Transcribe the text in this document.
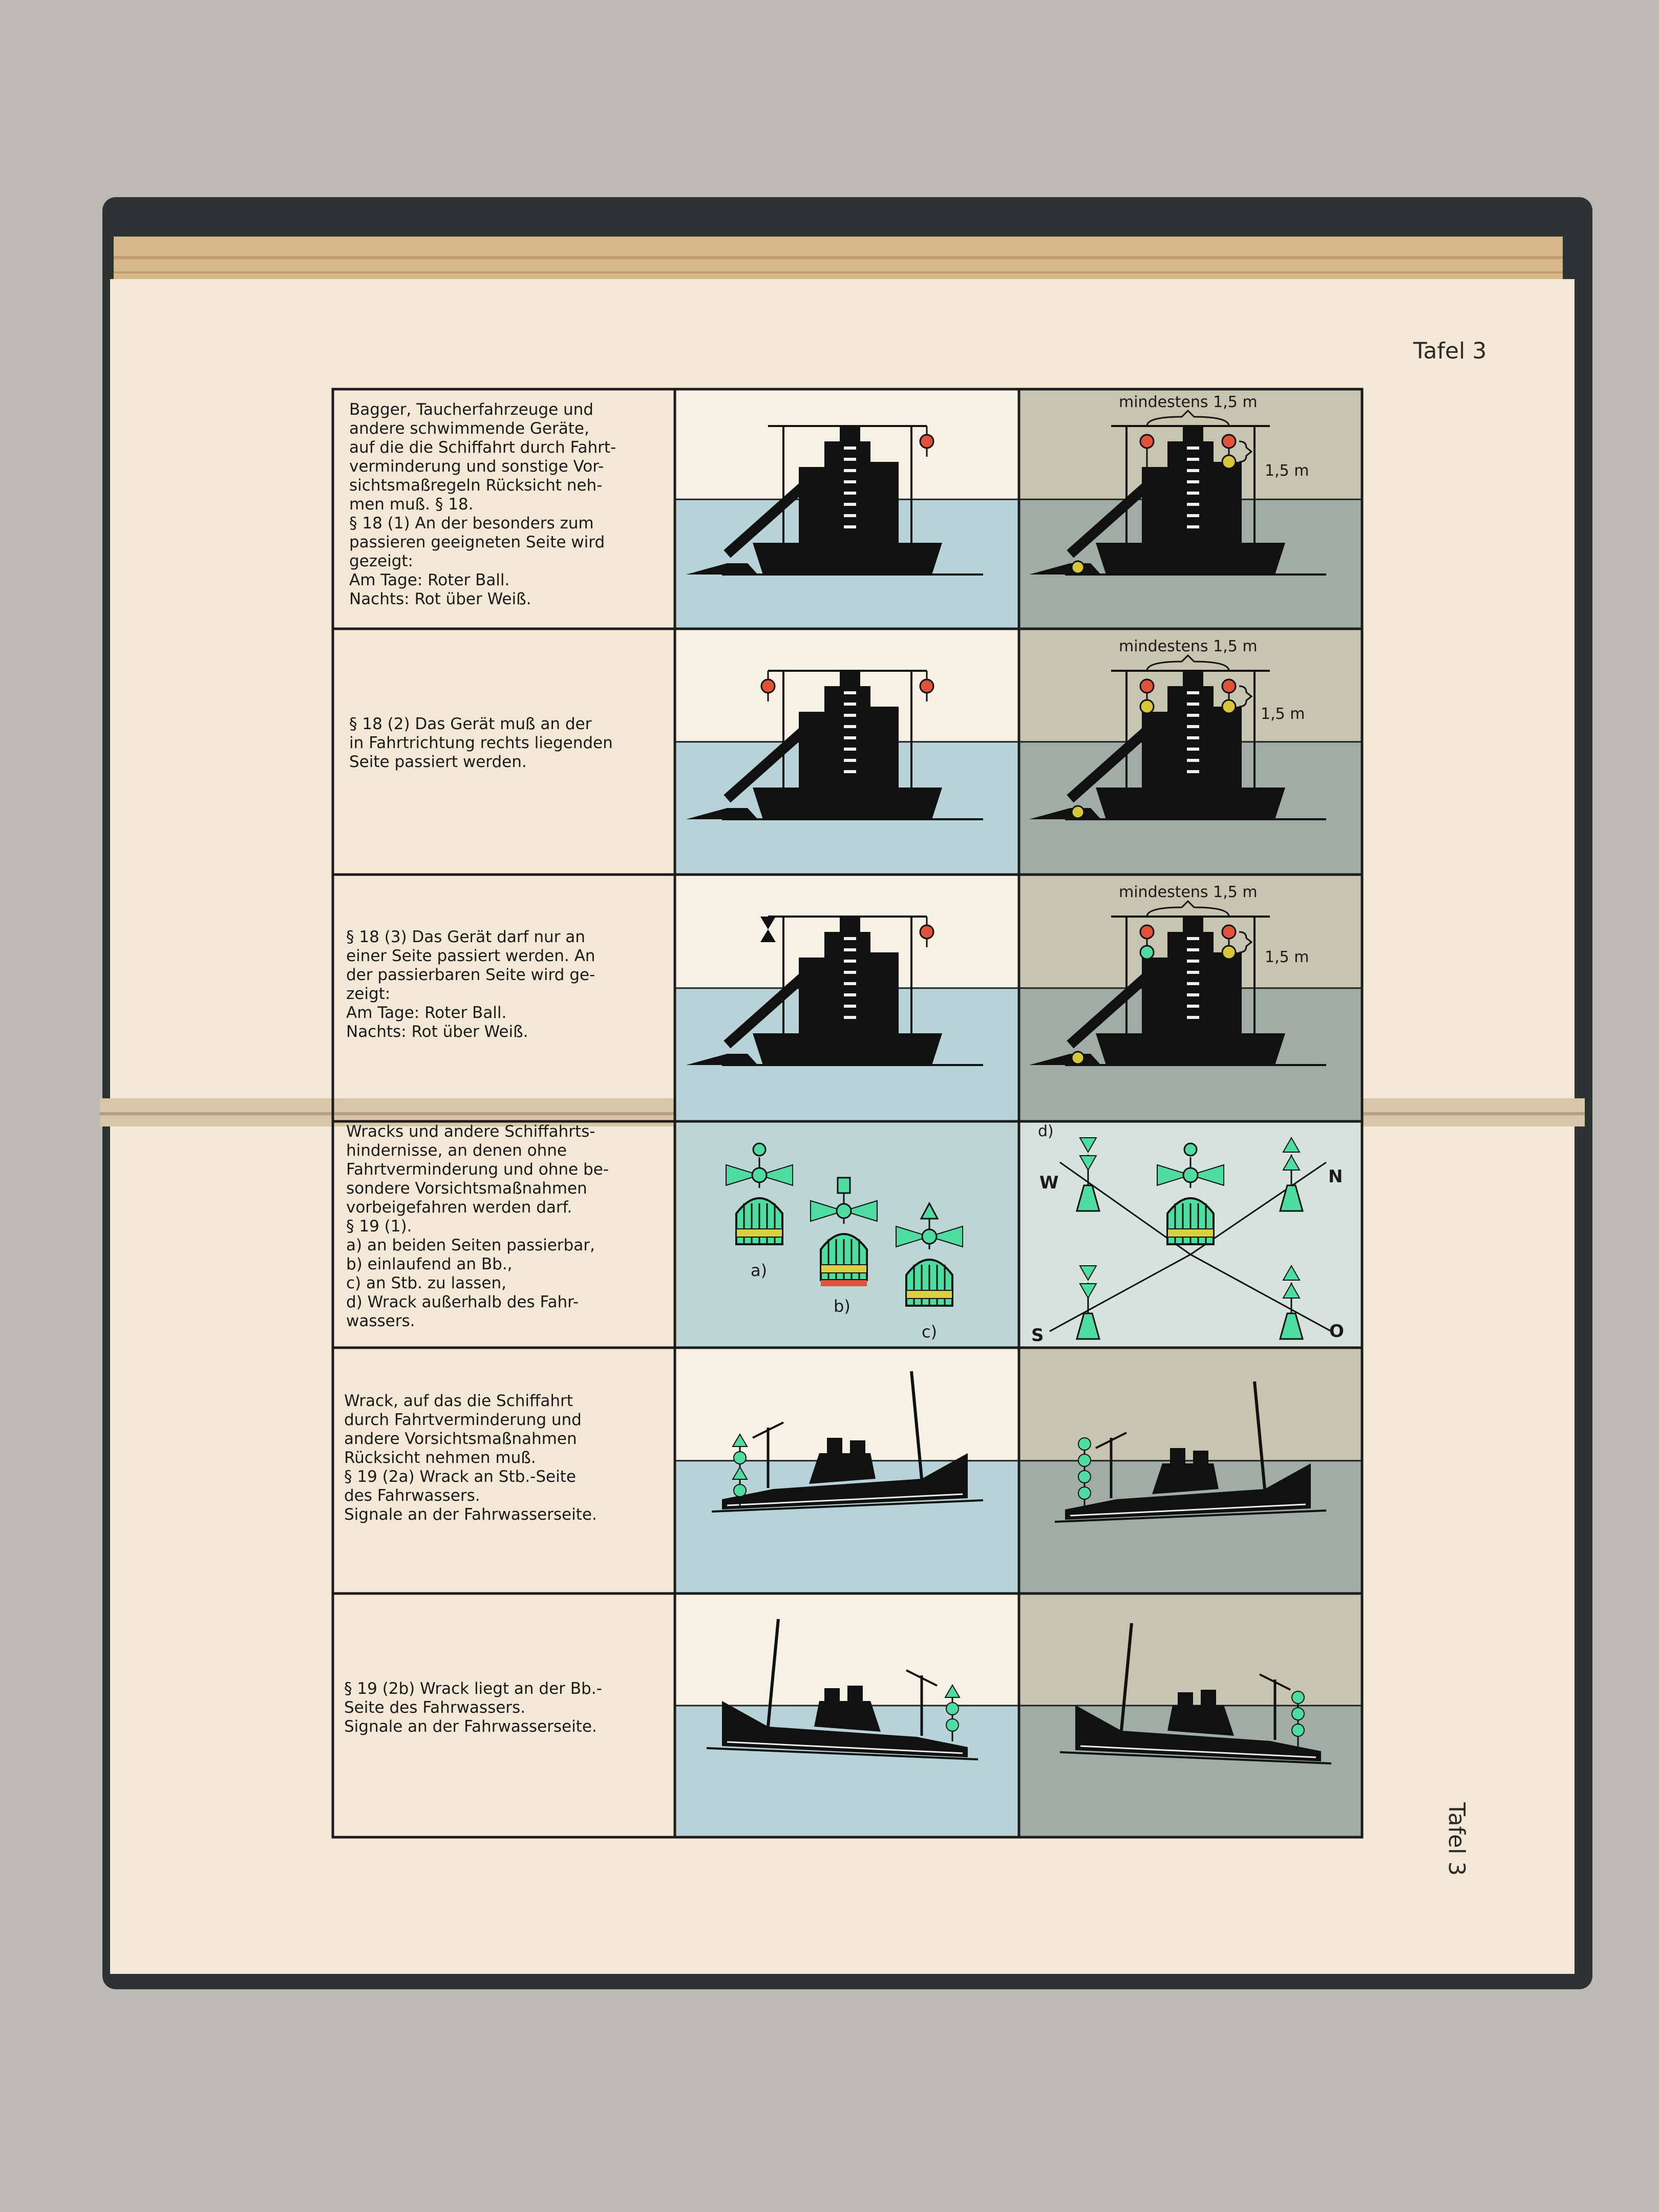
Tafel 3
Tafel 3
Bagger, Taucherfahrzeuge und
andere schwimmende Geräte,
auf die die Schiffahrt durch Fahrt-
verminderung und sonstige Vor-
sichtsmaßregeln Rücksicht neh-
men muß. § 18.
§ 18 (1) An der besonders zum
passieren geeigneten Seite wird
gezeigt:
Am Tage: Roter Ball.
Nachts: Rot über Weiß.
§ 18 (2) Das Gerät muß an der
in Fahrtrichtung rechts liegenden
Seite passiert werden.
§ 18 (3) Das Gerät darf nur an
einer Seite passiert werden. An
der passierbaren Seite wird ge-
zeigt:
Am Tage: Roter Ball.
Nachts: Rot über Weiß.
Wracks und andere Schiffahrts-
hindernisse, an denen ohne
Fahrtverminderung und ohne be-
sondere Vorsichtsmaßnahmen
vorbeigefahren werden darf.
§ 19 (1).
a) an beiden Seiten passierbar,
b) einlaufend an Bb.,
c) an Stb. zu lassen,
d) Wrack außerhalb des Fahr-
wassers.
Wrack, auf das die Schiffahrt
durch Fahrtverminderung und
andere Vorsichtsmaßnahmen
Rücksicht nehmen muß.
§ 19 (2a) Wrack an Stb.-Seite
des Fahrwassers.
Signale an der Fahrwasserseite.
§ 19 (2b) Wrack liegt an der Bb.-
Seite des Fahrwassers.
Signale an der Fahrwasserseite.
mindestens 1,5 m
1,5 m
mindestens 1,5 m
1,5 m
mindestens 1,5 m
1,5 m
a)
b)
c)
d)
W	N
S	O
